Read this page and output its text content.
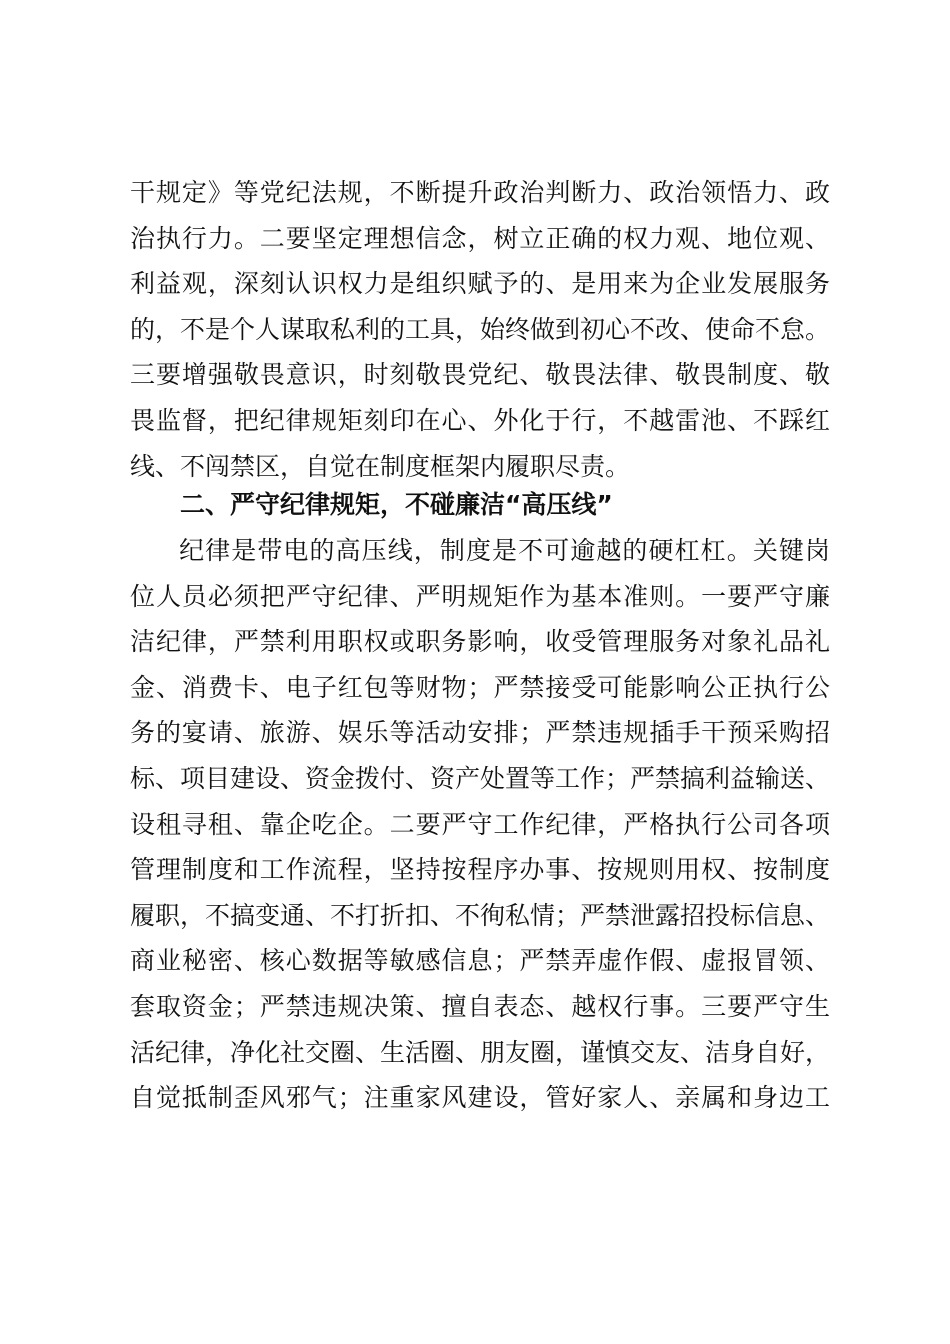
干规定》等党纪法规，不断提升政治判断力、政治领悟力、政
治执行力。二要坚定理想信念，树立正确的权力观、地位观、
利益观，深刻认识权力是组织赋予的、是用来为企业发展服务
的，不是个人谋取私利的工具，始终做到初心不改、使命不怠。
三要增强敬畏意识，时刻敬畏党纪、敬畏法律、敬畏制度、敬
畏监督，把纪律规矩刻印在心、外化于行，不越雷池、不踩红
线、不闯禁区，自觉在制度框架内履职尽责。
二、严守纪律规矩，不碰廉洁“高压线”
纪律是带电的高压线，制度是不可逾越的硬杠杠。关键岗
位人员必须把严守纪律、严明规矩作为基本准则。一要严守廉
洁纪律，严禁利用职权或职务影响，收受管理服务对象礼品礼
金、消费卡、电子红包等财物；严禁接受可能影响公正执行公
务的宴请、旅游、娱乐等活动安排；严禁违规插手干预采购招
标、项目建设、资金拨付、资产处置等工作；严禁搞利益输送、
设租寻租、靠企吃企。二要严守工作纪律，严格执行公司各项
管理制度和工作流程，坚持按程序办事、按规则用权、按制度
履职，不搞变通、不打折扣、不徇私情；严禁泄露招投标信息、
商业秘密、核心数据等敏感信息；严禁弄虚作假、虚报冒领、
套取资金；严禁违规决策、擅自表态、越权行事。三要严守生
活纪律，净化社交圈、生活圈、朋友圈，谨慎交友、洁身自好，
自觉抵制歪风邪气；注重家风建设，管好家人、亲属和身边工
